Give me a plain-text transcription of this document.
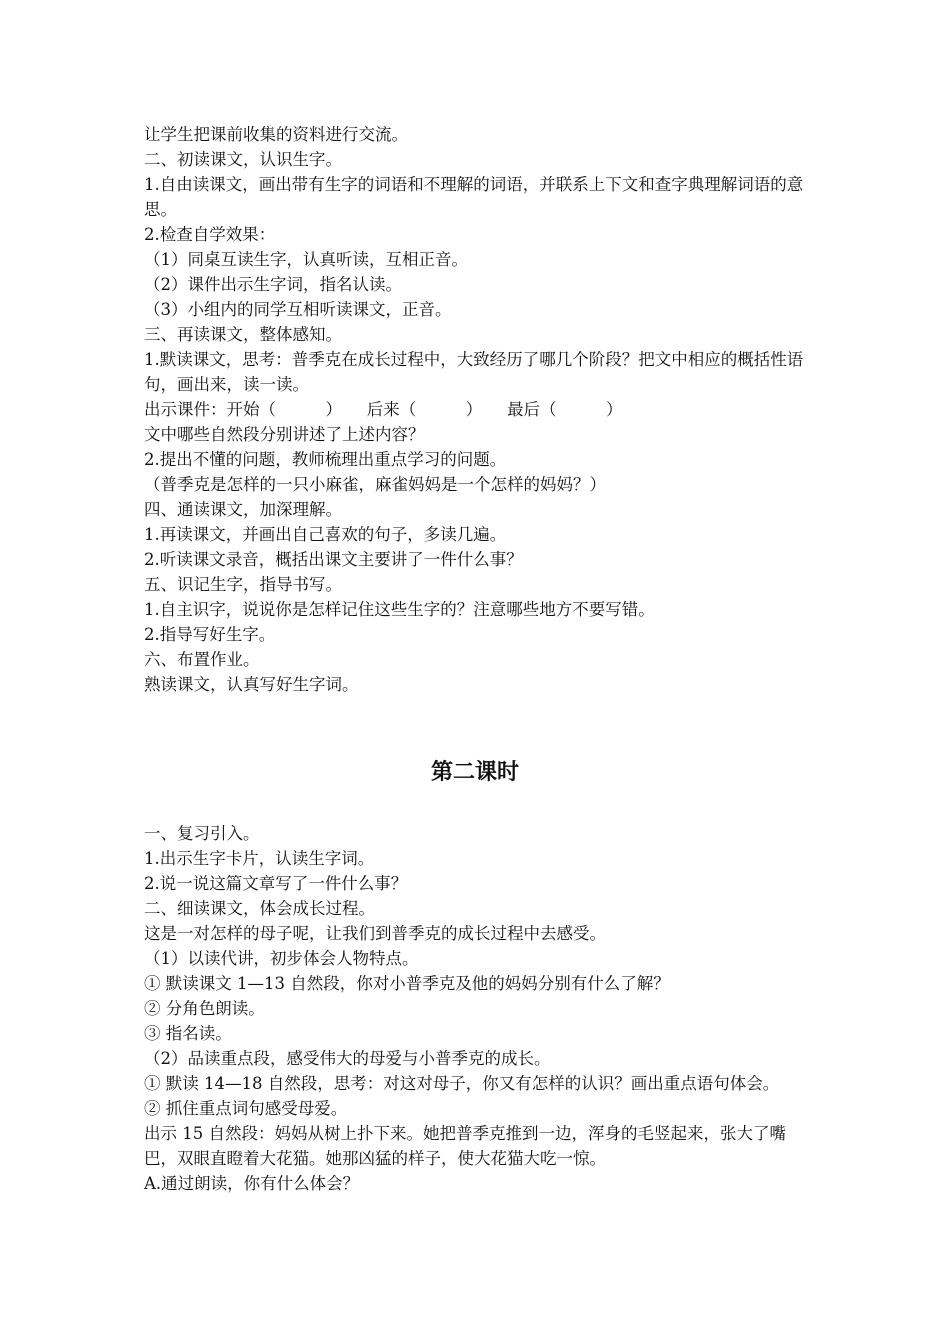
让学生把课前收集的资料进行交流。

二、初读课文，认识生字。

1.自由读课文，画出带有生字的词语和不理解的词语，并联系上下文和查字典理解词语的意思。

2.检查自学效果：

（1）同桌互读生字，认真听读，互相正音。

（2）课件出示生字词，指名认读。

（3）小组内的同学互相听读课文，正音。

三、再读课文，整体感知。

1.默读课文，思考：普季克在成长过程中，大致经历了哪几个阶段？把文中相应的概括性语句，画出来，读一读。

出示课件：开始（　　　）　　后来（　　　）　　最后（　　　）

文中哪些自然段分别讲述了上述内容？

2.提出不懂的问题，教师梳理出重点学习的问题。

（普季克是怎样的一只小麻雀，麻雀妈妈是一个怎样的妈妈？）

四、通读课文，加深理解。

1.再读课文，并画出自己喜欢的句子，多读几遍。

2.听读课文录音，概括出课文主要讲了一件什么事？

五、识记生字，指导书写。

1.自主识字，说说你是怎样记住这些生字的？注意哪些地方不要写错。

2.指导写好生字。

六、布置作业。

熟读课文，认真写好生字词。

第二课时

一、复习引入。

1.出示生字卡片，认读生字词。

2.说一说这篇文章写了一件什么事？

二、细读课文，体会成长过程。

这是一对怎样的母子呢，让我们到普季克的成长过程中去感受。

（1）以读代讲，初步体会人物特点。

① 默读课文 1—13 自然段，你对小普季克及他的妈妈分别有什么了解？

② 分角色朗读。

③ 指名读。

（2）品读重点段，感受伟大的母爱与小普季克的成长。

① 默读 14—18 自然段，思考：对这对母子，你又有怎样的认识？画出重点语句体会。

② 抓住重点词句感受母爱。

出示 15 自然段：妈妈从树上扑下来。她把普季克推到一边，浑身的毛竖起来，张大了嘴巴，双眼直瞪着大花猫。她那凶猛的样子，使大花猫大吃一惊。

A.通过朗读，你有什么体会？
